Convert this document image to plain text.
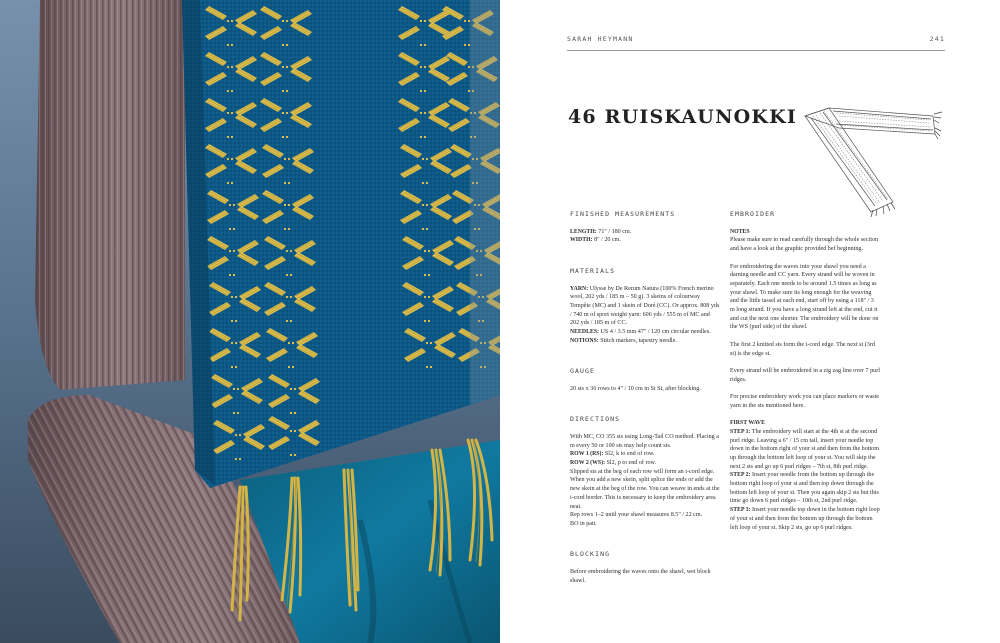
SARAH HEYMANN	241
46 RUISKAUNOKKI
FINISHED MEASUREMENTS
LENGTH: 71" / 180 cm.
WIDTH: 8" / 20 cm.
MATERIALS
YARN: Ulysse by De Rerum Natura (100% French merino wool, 202 yds / 185 m – 50 g). 3 skeins of colourway Tempête (MC) and 1 skein of Doré (CC). Or approx. 808 yds / 740 m of sport weight yarn: 606 yds / 555 m of MC and 202 yds / 185 m of CC.
NEEDLES: US 4 / 3.5 mm 47" / 120 cm circular needles.
NOTIONS: Stitch markers, tapestry needle.
GAUGE
20 sts x 36 rows to 4" / 10 cm in St St, after blocking.
DIRECTIONS
With MC, CO 355 sts using Long-Tail CO method. Placing a m every 50 or 100 sts may help count sts.
ROW 1 (RS): Sl2, k to end of row.
ROW 2 (WS): Sl2, p to end of row.
Slipped sts at the beg of each row will form an i-cord edge. When you add a new skein, split splice the ends or add the new skein at the beg of the row. You can weave in ends at the i-cord border. This is necessary to keep the embroidery area neat.
Rep rows 1–2 until your shawl measures 8.5" / 22 cm.
BO in patt.
BLOCKING
Before embroidering the waves onto the shawl, wet block shawl.
EMBROIDER
NOTES
Please make sure to read carefully through the whole section and have a look at the graphic provided bef beginning.
For embroidering the waves into your shawl you need a darning needle and CC yarn. Every strand will be woven in separately. Each one needs to be around 1.5 times as long as your shawl. To make sure its long enough for the weaving and the little tassel at each end, start off by using a 118" / 3 m long strand. If you have a long strand left at the end, cut it and cut the next one shorter. The embroidery will be done on the WS (purl side) of the shawl.
The first 2 knitted sts form the i-cord edge. The next st (3rd st) is the edge st.
Every strand will be embroidered in a zig zag line over 7 purl ridges.
For precise embroidery work you can place markers or waste yarn in the sts mentioned here.
FIRST WAVE
STEP 1: The embroidery will start at the 4th st at the second purl ridge. Leaving a 6" / 15 cm tail, insert your needle top down in the bottom right of your st and then from the bottom up through the bottom left loop of your st. You will skip the next 2 sts and go up 6 purl ridges – 7th st, 8th purl ridge.
STEP 2: Insert your needle from the bottom up through the bottom right loop of your st and then top down through the bottom left loop of your st. Then you again skip 2 sts but this time go down 6 purl ridges – 10th st, 2nd purl ridge.
STEP 3: Insert your needle top down in the bottom right loop of your st and then from the bottom up through the bottom left loop of your st. Skip 2 sts, go up 6 purl ridges.
